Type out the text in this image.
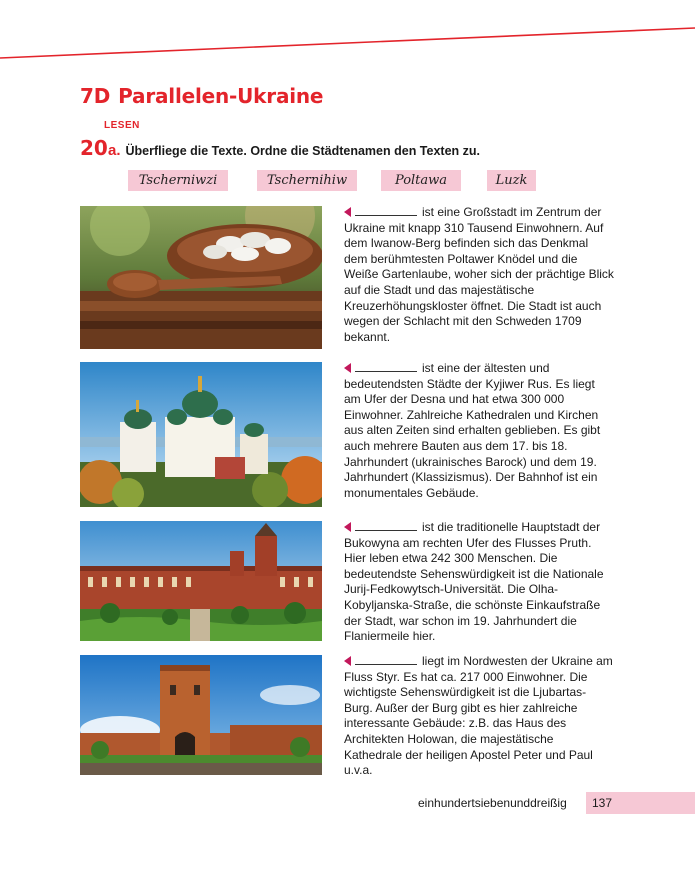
7D Parallelen-Ukraine
LESEN
20 a. Überfliege die Texte. Ordne die Städtenamen den Texten zu.
Tscherniwzi	Tschernihiw	Poltawa	Luzk
ist eine Großstadt im Zentrum der Ukraine mit knapp 310 Tausend Einwohnern. Auf dem Iwanow-Berg befinden sich das Denkmal dem berühmtesten Poltawer Knödel und die Weiße Gartenlaube, woher sich der prächtige Blick auf die Stadt und das majestätische Kreuzerhöhungskloster öffnet. Die Stadt ist auch wegen der Schlacht mit den Schweden 1709 bekannt.
ist eine der ältesten und bedeutendsten Städte der Kyjiwer Rus. Es liegt am Ufer der Desna und hat etwa 300 000 Einwohner. Zahlreiche Kathedralen und Kirchen aus alten Zeiten sind erhalten geblieben. Es gibt auch mehrere Bauten aus dem 17. bis 18. Jahrhundert (ukrainisches Barock) und dem 19. Jahrhundert (Klassizismus). Der Bahnhof ist ein monumentales Gebäude.
ist die traditionelle Hauptstadt der Bukowyna am rechten Ufer des Flusses Pruth. Hier leben etwa 242 300 Menschen. Die bedeutendste Sehenswürdigkeit ist die Nationale Jurij-Fedkowytsch-Universität. Die Olha-Kobyljanska-Straße, die schönste Einkaufstraße der Stadt, war schon im 19. Jahrhundert die Flaniermeile hier.
liegt im Nordwesten der Ukraine am Fluss Styr. Es hat ca. 217 000 Einwohner. Die wichtigste Sehenswürdigkeit ist die Ljubartas-Burg. Außer der Burg gibt es hier zahlreiche interessante Gebäude: z.B. das Haus des Architekten Holowan, die majestätische Kathedrale der heiligen Apostel Peter und Paul u.v.a.
einhundertsiebenunddreißig 137
